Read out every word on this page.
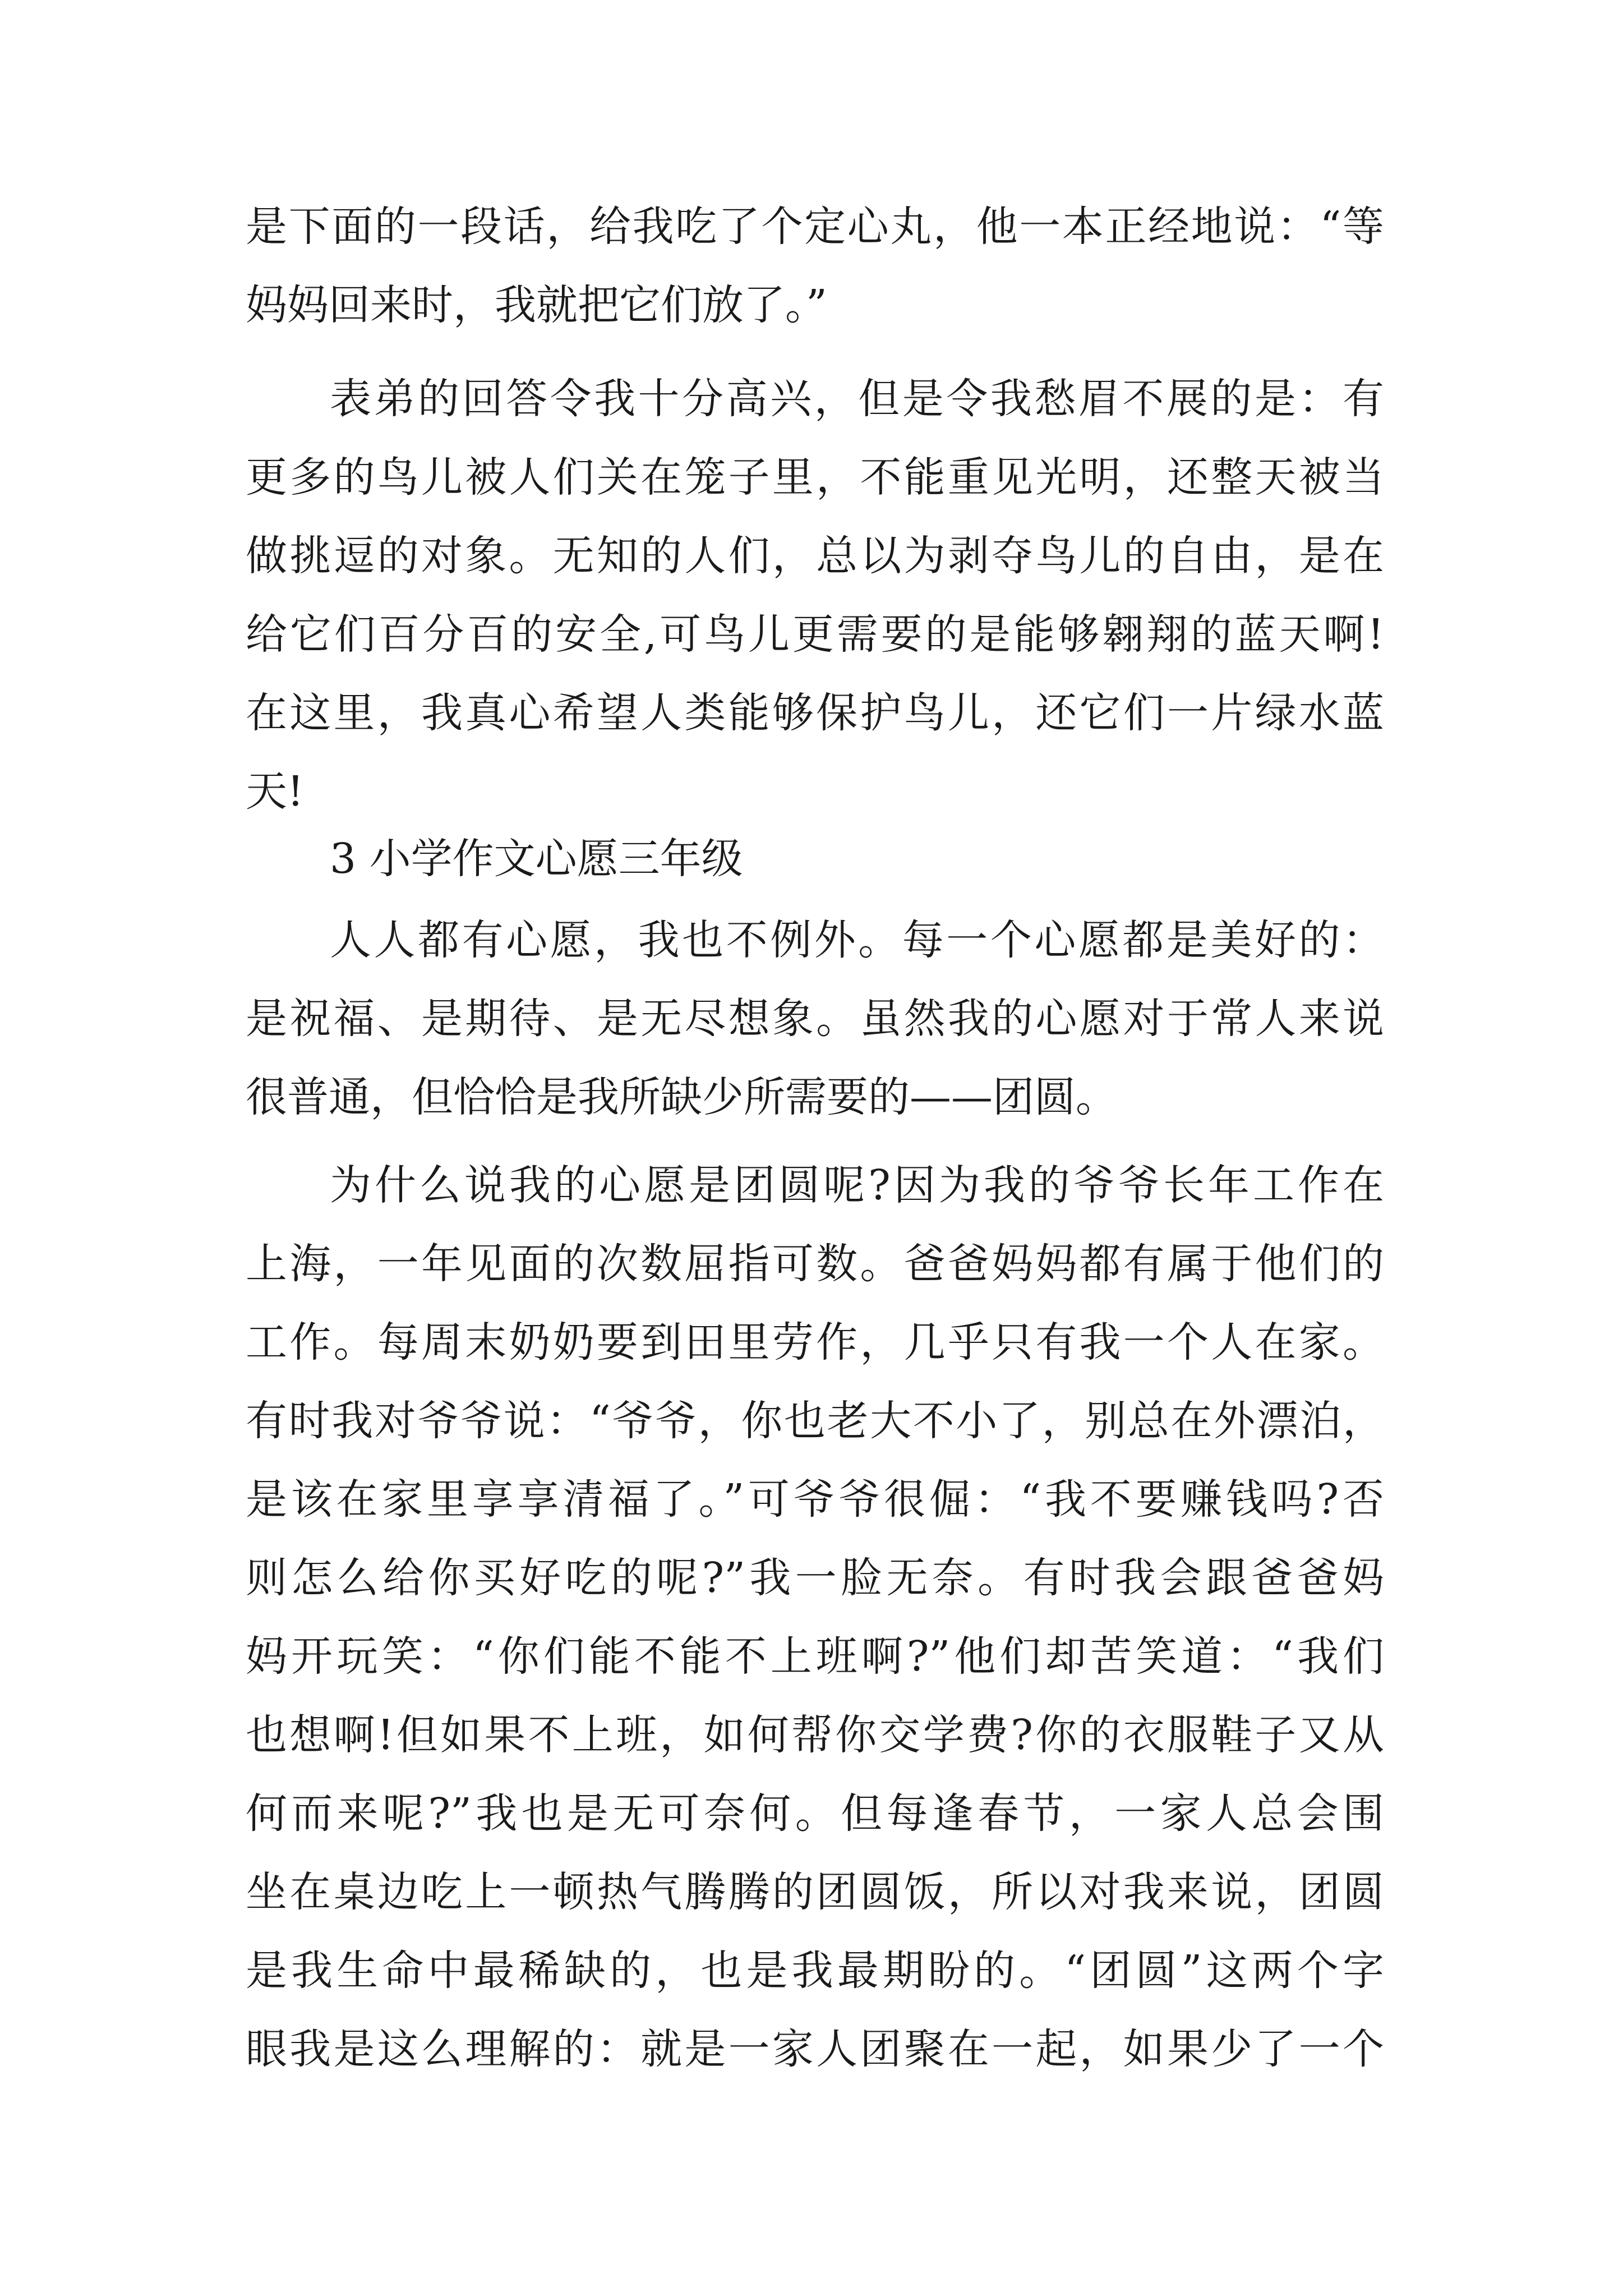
是下面的一段话，给我吃了个定心丸，他一本正经地说：“等
妈妈回来时，我就把它们放了。”
表弟的回答令我十分高兴，但是令我愁眉不展的是：有
更多的鸟儿被人们关在笼子里，不能重见光明，还整天被当
做挑逗的对象。无知的人们，总以为剥夺鸟儿的自由，是在
给它们百分百的安全,可鸟儿更需要的是能够翱翔的蓝天啊!
在这里，我真心希望人类能够保护鸟儿，还它们一片绿水蓝
天!
3 小学作文心愿三年级
人人都有心愿，我也不例外。每一个心愿都是美好的：
是祝福、是期待、是无尽想象。虽然我的心愿对于常人来说
很普通，但恰恰是我所缺少所需要的——团圆。
为什么说我的心愿是团圆呢?因为我的爷爷长年工作在
上海，一年见面的次数屈指可数。爸爸妈妈都有属于他们的
工作。每周末奶奶要到田里劳作，几乎只有我一个人在家。
有时我对爷爷说：“爷爷，你也老大不小了，别总在外漂泊，
是该在家里享享清福了。”可爷爷很倔：“我不要赚钱吗?否
则怎么给你买好吃的呢?”我一脸无奈。有时我会跟爸爸妈
妈开玩笑：“你们能不能不上班啊?”他们却苦笑道：“我们
也想啊!但如果不上班，如何帮你交学费?你的衣服鞋子又从
何而来呢?”我也是无可奈何。但每逢春节，一家人总会围
坐在桌边吃上一顿热气腾腾的团圆饭，所以对我来说，团圆
是我生命中最稀缺的，也是我最期盼的。“团圆”这两个字
眼我是这么理解的：就是一家人团聚在一起，如果少了一个
